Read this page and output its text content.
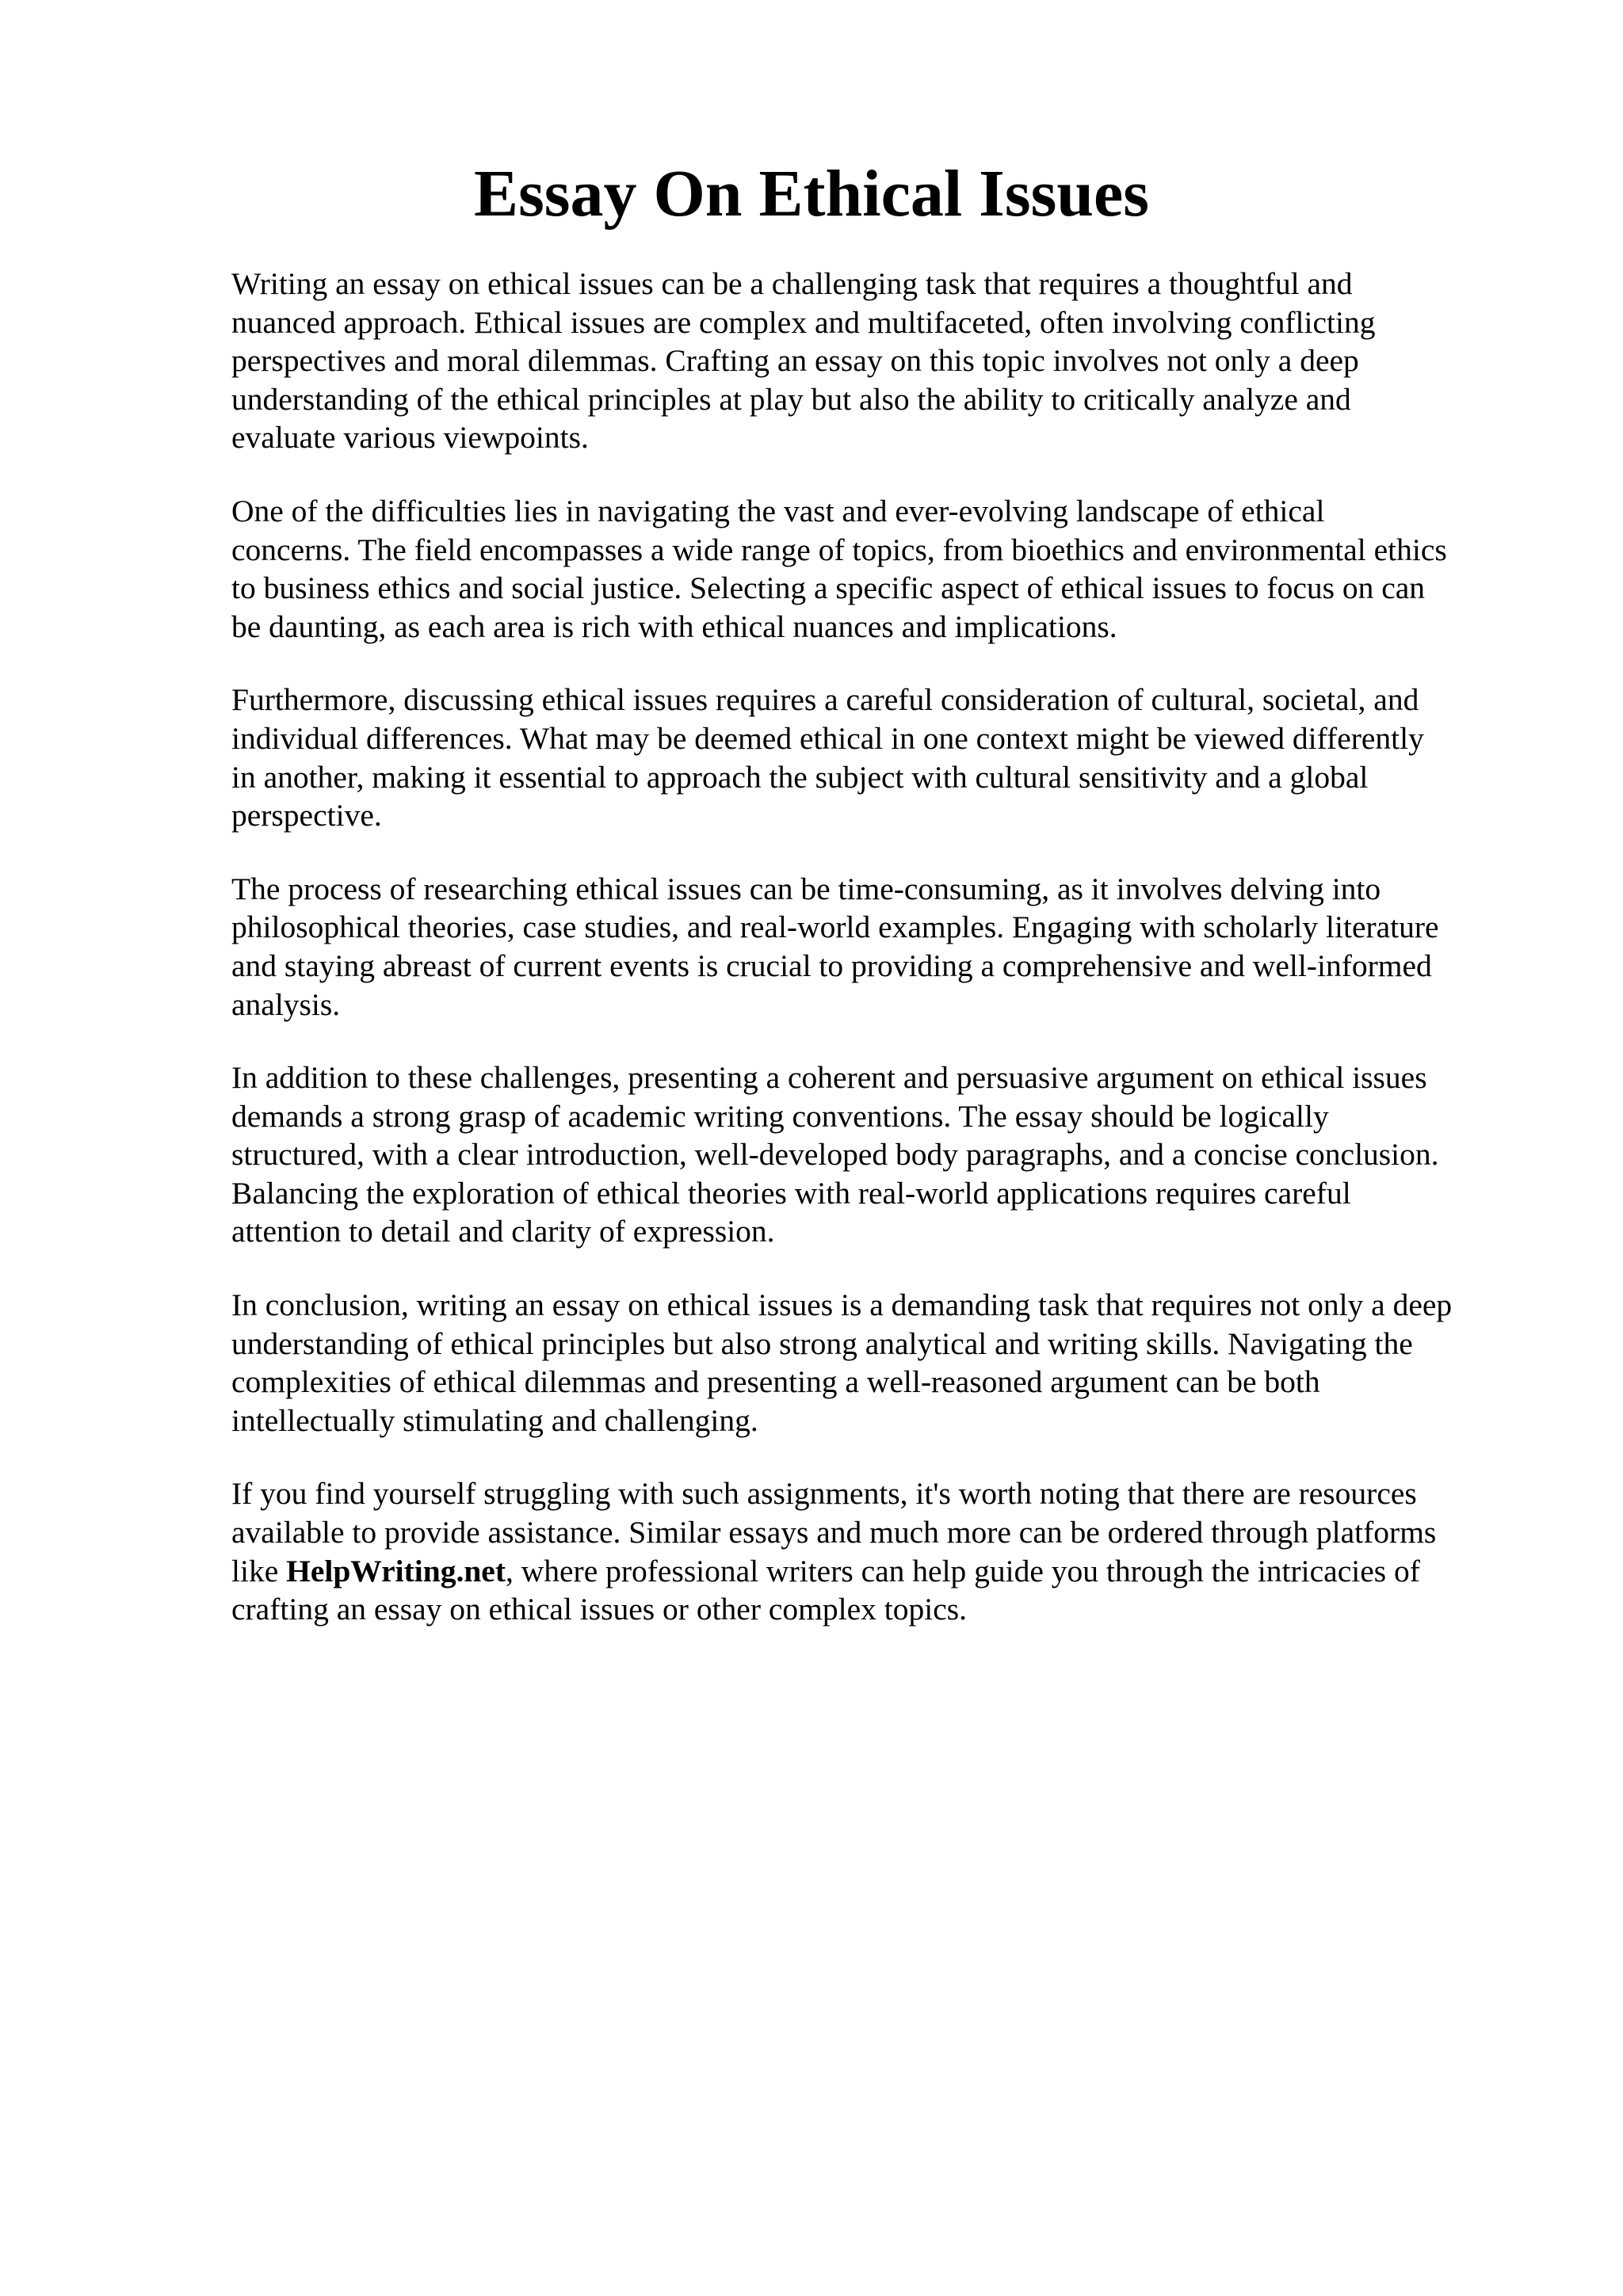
Essay On Ethical Issues

Writing an essay on ethical issues can be a challenging task that requires a thoughtful and
nuanced approach. Ethical issues are complex and multifaceted, often involving conflicting
perspectives and moral dilemmas. Crafting an essay on this topic involves not only a deep
understanding of the ethical principles at play but also the ability to critically analyze and
evaluate various viewpoints.

One of the difficulties lies in navigating the vast and ever-evolving landscape of ethical
concerns. The field encompasses a wide range of topics, from bioethics and environmental ethics
to business ethics and social justice. Selecting a specific aspect of ethical issues to focus on can
be daunting, as each area is rich with ethical nuances and implications.

Furthermore, discussing ethical issues requires a careful consideration of cultural, societal, and
individual differences. What may be deemed ethical in one context might be viewed differently
in another, making it essential to approach the subject with cultural sensitivity and a global
perspective.

The process of researching ethical issues can be time-consuming, as it involves delving into
philosophical theories, case studies, and real-world examples. Engaging with scholarly literature
and staying abreast of current events is crucial to providing a comprehensive and well-informed
analysis.

In addition to these challenges, presenting a coherent and persuasive argument on ethical issues
demands a strong grasp of academic writing conventions. The essay should be logically
structured, with a clear introduction, well-developed body paragraphs, and a concise conclusion.
Balancing the exploration of ethical theories with real-world applications requires careful
attention to detail and clarity of expression.

In conclusion, writing an essay on ethical issues is a demanding task that requires not only a deep
understanding of ethical principles but also strong analytical and writing skills. Navigating the
complexities of ethical dilemmas and presenting a well-reasoned argument can be both
intellectually stimulating and challenging.

If you find yourself struggling with such assignments, it's worth noting that there are resources
available to provide assistance. Similar essays and much more can be ordered through platforms
like HelpWriting.net, where professional writers can help guide you through the intricacies of
crafting an essay on ethical issues or other complex topics.
